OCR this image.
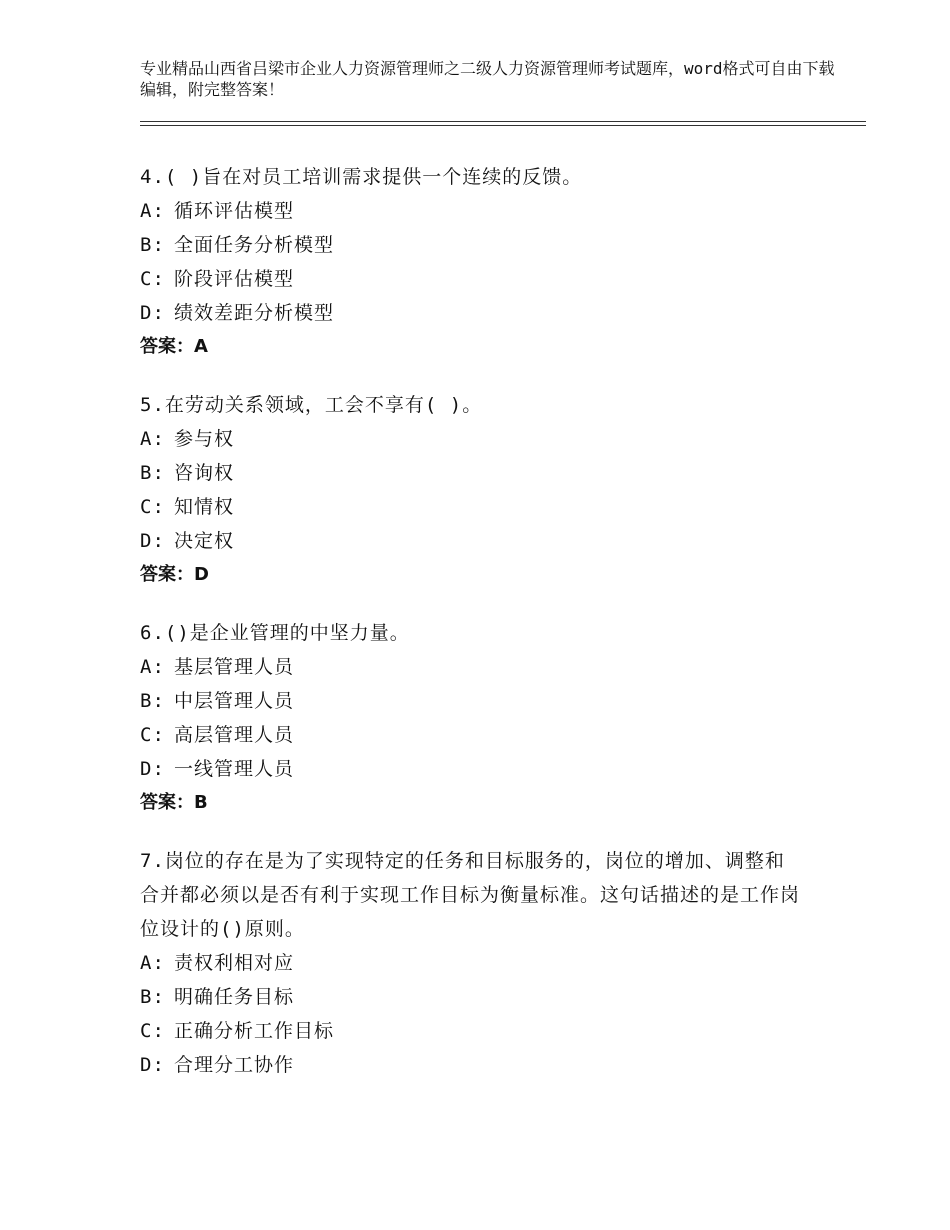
专业精品山西省吕梁市企业人力资源管理师之二级人力资源管理师考试题库，word格式可自由下载编辑，附完整答案！
4.( )旨在对员工培训需求提供一个连续的反馈。
A: 循环评估模型
B: 全面任务分析模型
C: 阶段评估模型
D: 绩效差距分析模型
答案：A
5.在劳动关系领域，工会不享有( )。
A: 参与权
B: 咨询权
C: 知情权
D: 决定权
答案：D
6.()是企业管理的中坚力量。
A: 基层管理人员
B: 中层管理人员
C: 高层管理人员
D: 一线管理人员
答案：B
7.岗位的存在是为了实现特定的任务和目标服务的，岗位的增加、调整和合并都必须以是否有利于实现工作目标为衡量标准。这句话描述的是工作岗位设计的()原则。
A: 责权利相对应
B: 明确任务目标
C: 正确分析工作目标
D: 合理分工协作
